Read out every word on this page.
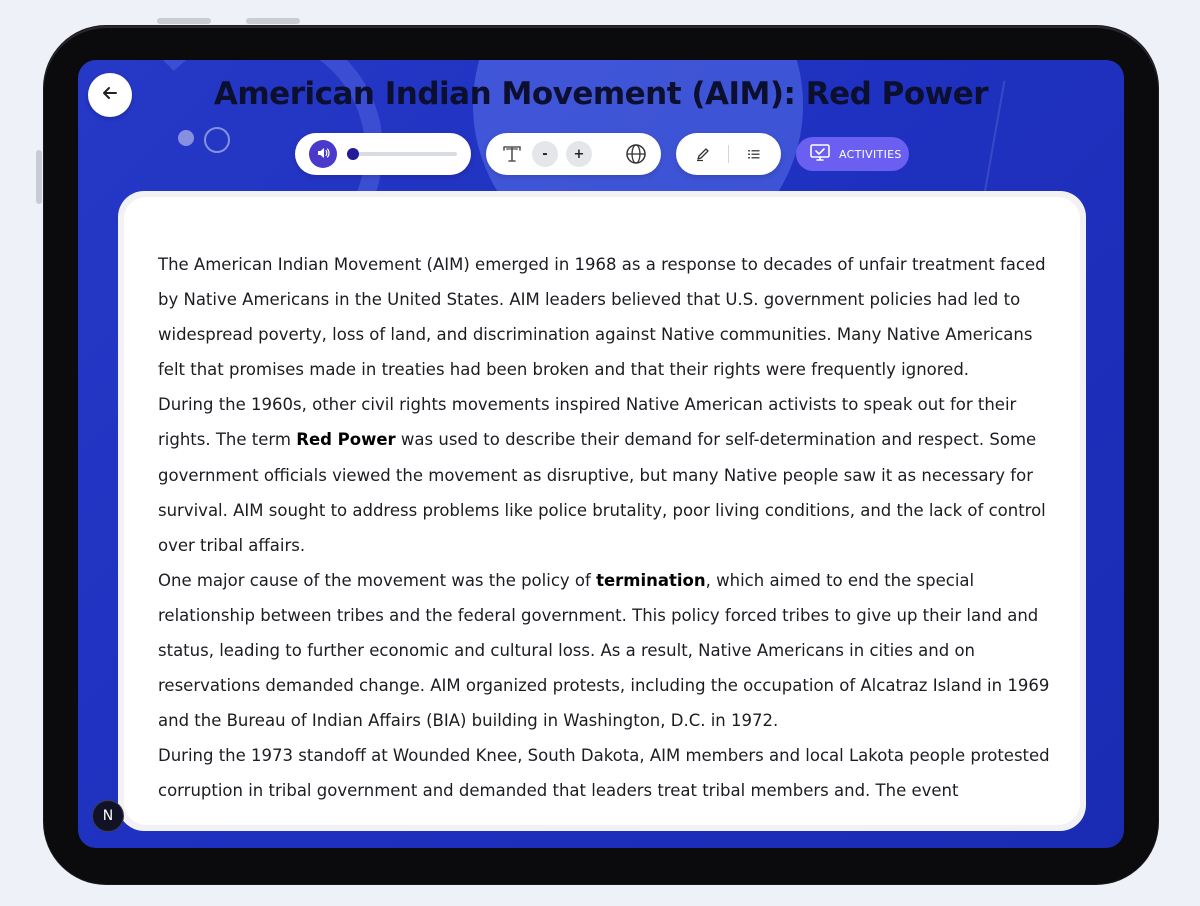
American Indian Movement (AIM): Red Power
-	+	ACTIVITIES

The American Indian Movement (AIM) emerged in 1968 as a response to decades of unfair treatment faced by Native Americans in the United States. AIM leaders believed that U.S. government policies had led to widespread poverty, loss of land, and discrimination against Native communities. Many Native Americans felt that promises made in treaties had been broken and that their rights were frequently ignored.

During the 1960s, other civil rights movements inspired Native American activists to speak out for their rights. The term Red Power was used to describe their demand for self-determination and respect. Some government officials viewed the movement as disruptive, but many Native people saw it as necessary for survival. AIM sought to address problems like police brutality, poor living conditions, and the lack of control over tribal affairs.

One major cause of the movement was the policy of termination, which aimed to end the special relationship between tribes and the federal government. This policy forced tribes to give up their land and status, leading to further economic and cultural loss. As a result, Native Americans in cities and on reservations demanded change. AIM organized protests, including the occupation of Alcatraz Island in 1969 and the Bureau of Indian Affairs (BIA) building in Washington, D.C. in 1972.

During the 1973 standoff at Wounded Knee, South Dakota, AIM members and local Lakota people protested corruption in tribal government and demanded that leaders treat tribal members and. The event

N
